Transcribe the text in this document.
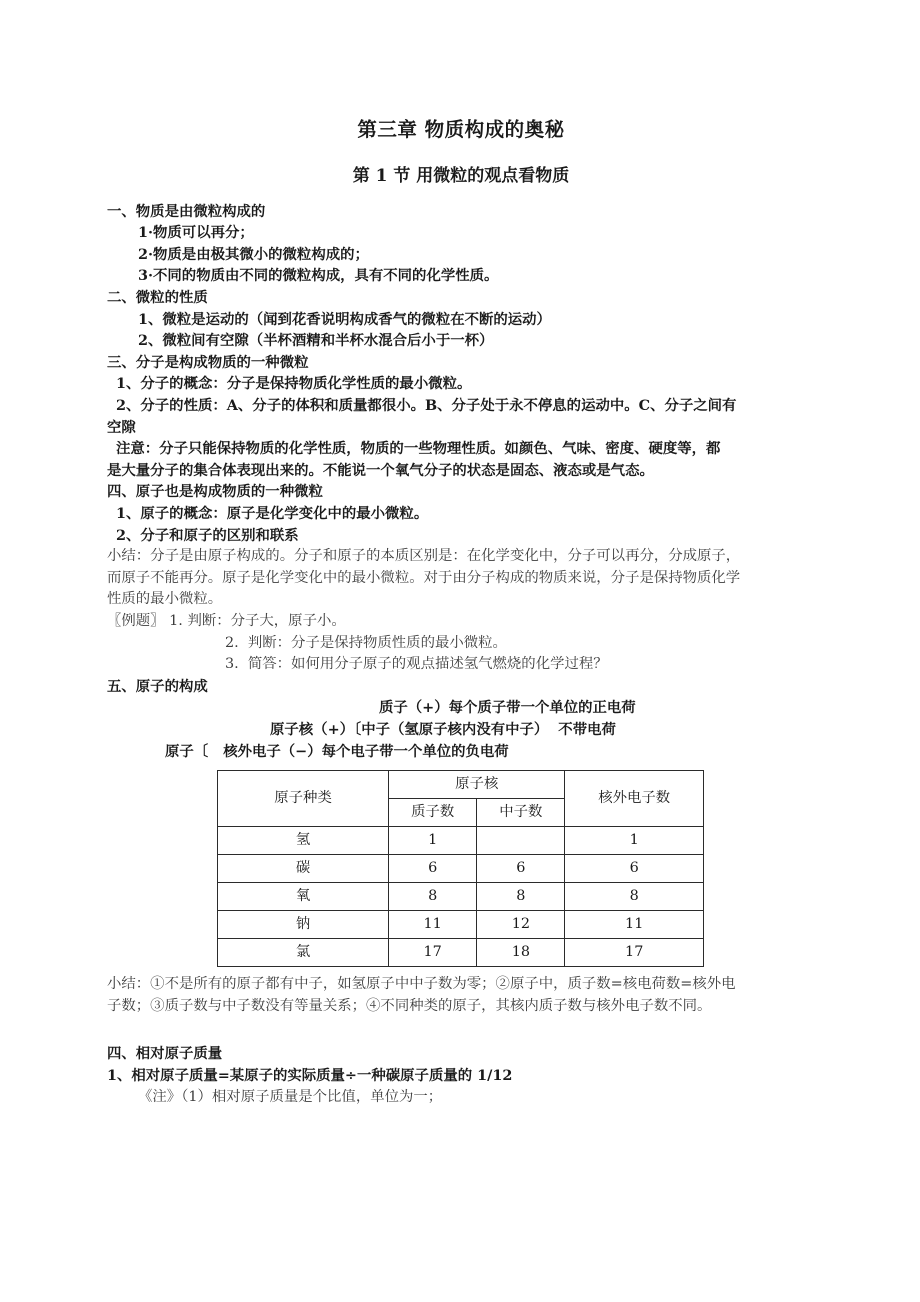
第三章 物质构成的奥秘
第 1 节 用微粒的观点看物质

一、物质是由微粒构成的

1·物质可以再分；

2·物质是由极其微小的微粒构成的；

3·不同的物质由不同的微粒构成，具有不同的化学性质。

二、微粒的性质

1、微粒是运动的（闻到花香说明构成香气的微粒在不断的运动）

2、微粒间有空隙（半杯酒精和半杯水混合后小于一杯）

三、分子是构成物质的一种微粒

1、分子的概念：分子是保持物质化学性质的最小微粒。

2、分子的性质：A、分子的体积和质量都很小。B、分子处于永不停息的运动中。C、分子之间有

空隙

注意：分子只能保持物质的化学性质，物质的一些物理性质。如颜色、气味、密度、硬度等，都

是大量分子的集合体表现出来的。不能说一个氧气分子的状态是固态、液态或是气态。

四、原子也是构成物质的一种微粒

1、原子的概念：原子是化学变化中的最小微粒。

2、分子和原子的区别和联系

小结：分子是由原子构成的。分子和原子的本质区别是：在化学变化中，分子可以再分，分成原子，

而原子不能再分。原子是化学变化中的最小微粒。对于由分子构成的物质来说，分子是保持物质化学

性质的最小微粒。

〖例题〗 1. 判断：分子大，原子小。

2.  判断：分子是保持物质性质的最小微粒。

3.  简答：如何用分子原子的观点描述氢气燃烧的化学过程？

五、原子的构成

质子（+）每个质子带一个单位的正电荷

原子核（+）〔中子（氢原子核内没有中子）  不带电荷

原子〔   核外电子（−）每个电子带一个单位的负电荷

原子种类	原子核		核外电子数
	质子数	中子数	
氢	1		1
碳	6	6	6
氧	8	8	8
钠	11	12	11
氯	17	18	17

小结：①不是所有的原子都有中子，如氢原子中中子数为零；②原子中，质子数=核电荷数=核外电

子数；③质子数与中子数没有等量关系；④不同种类的原子，其核内质子数与核外电子数不同。

四、相对原子质量

1、相对原子质量=某原子的实际质量÷一种碳原子质量的 1/12

《注》（1）相对原子质量是个比值，单位为一；
